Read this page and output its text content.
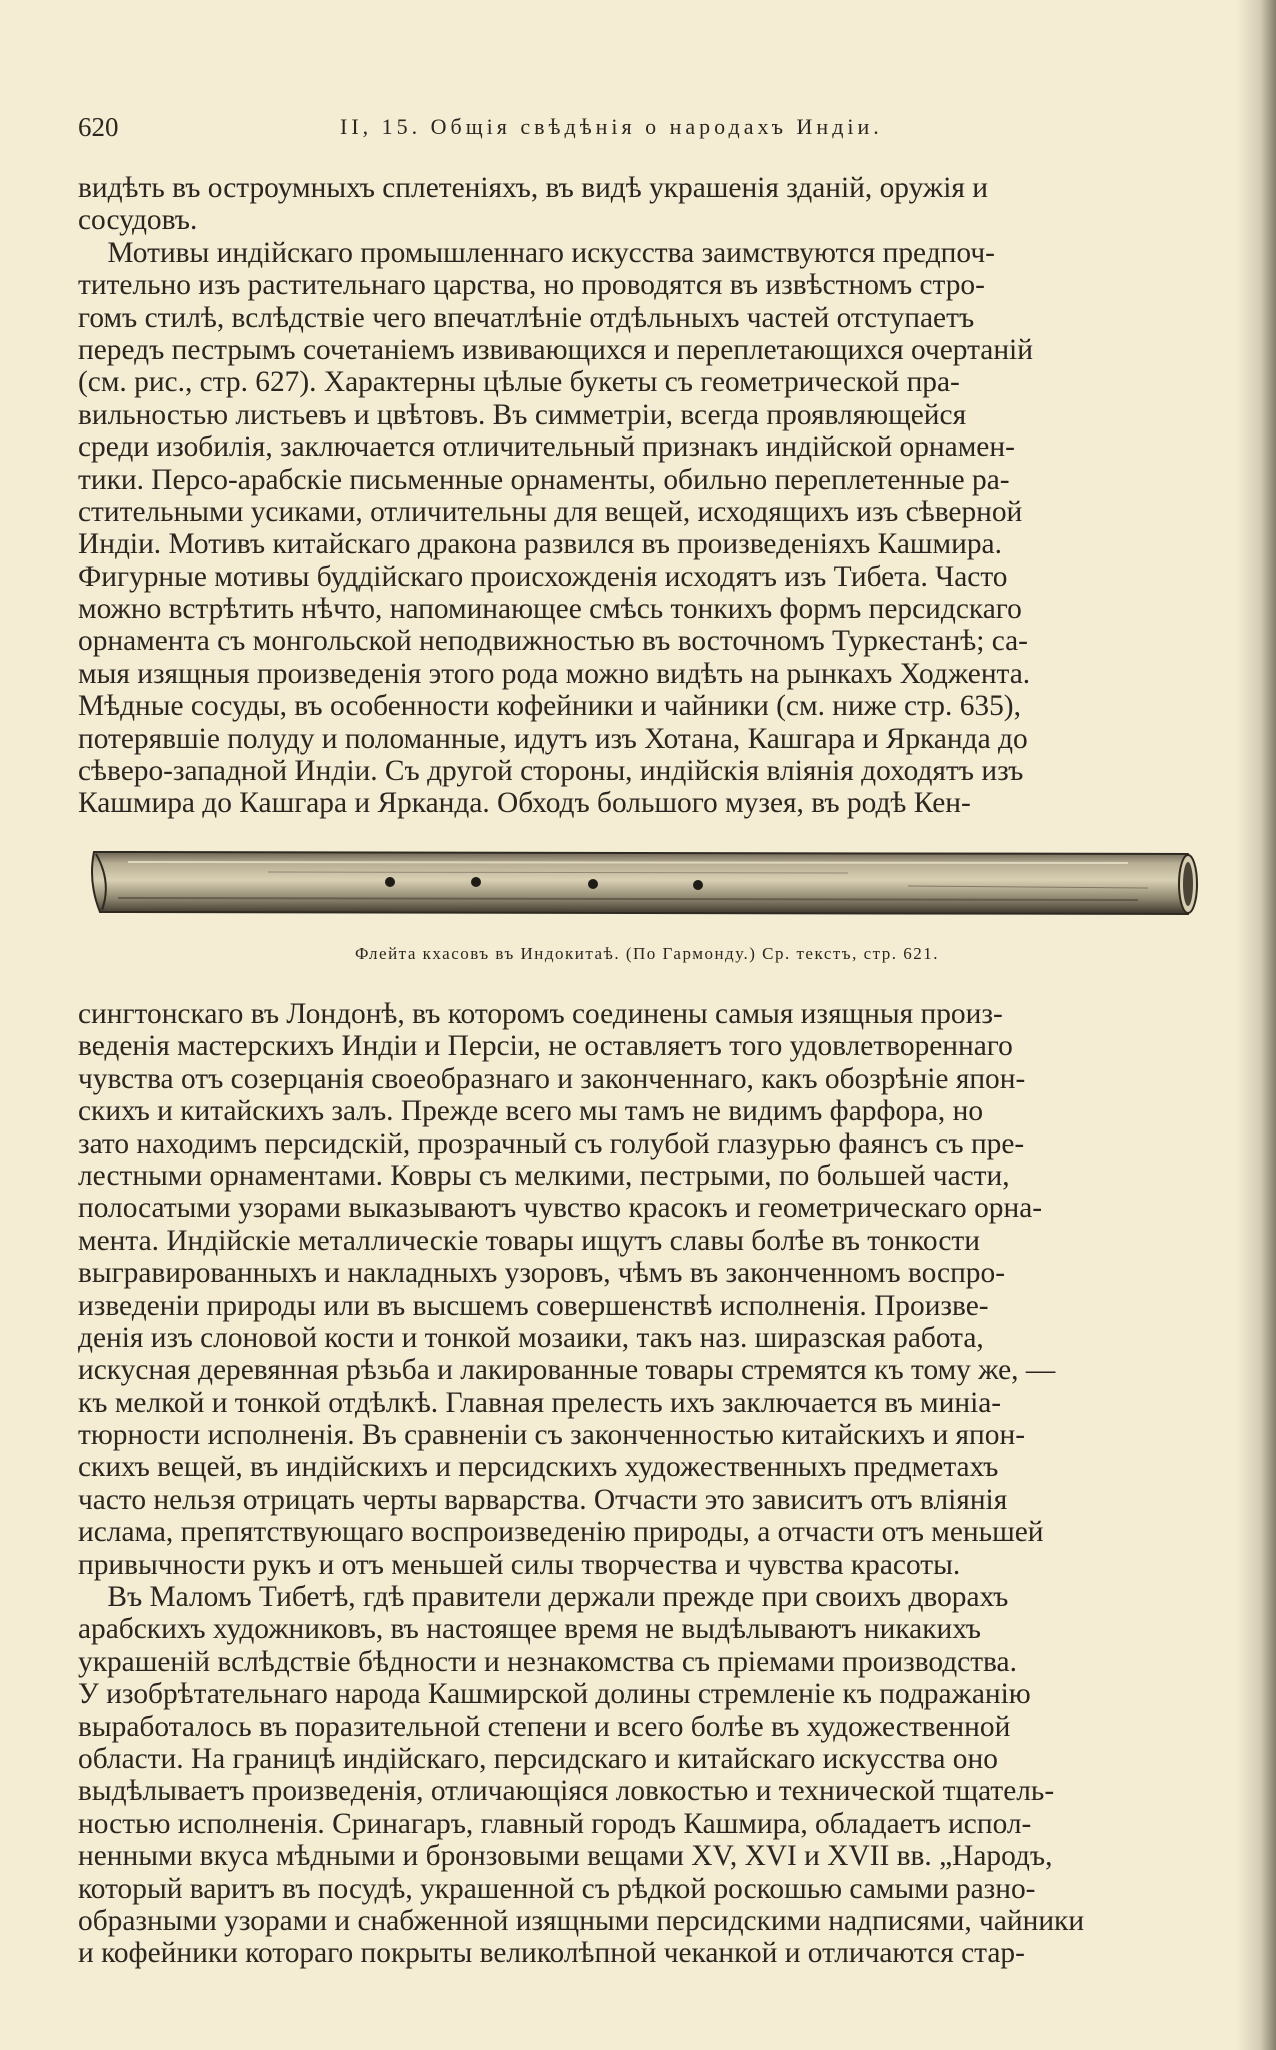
620	II, 15. Общія свѣдѣнія о народахъ Индіи.
видѣть въ остроумныхъ сплетеніяхъ, въ видѣ украшенія зданій, оружія и
сосудовъ.
Мотивы индійскаго промышленнаго искусства заимствуются предпоч-
тительно изъ растительнаго царства, но проводятся въ извѣстномъ стро-
гомъ стилѣ, вслѣдствіе чего впечатлѣніе отдѣльныхъ частей отступаетъ
передъ пестрымъ сочетаніемъ извивающихся и переплетающихся очертаній
(см. рис., стр. 627). Характерны цѣлые букеты съ геометрической пра-
вильностью листьевъ и цвѣтовъ. Въ симметріи, всегда проявляющейся
среди изобилія, заключается отличительный признакъ индійской орнамен-
тики. Персо-арабскіе письменные орнаменты, обильно переплетенные ра-
стительными усиками, отличительны для вещей, исходящихъ изъ сѣверной
Индіи. Мотивъ китайскаго дракона развился въ произведеніяхъ Кашмира.
Фигурные мотивы буддійскаго происхожденія исходятъ изъ Тибета. Часто
можно встрѣтить нѣчто, напоминающее смѣсь тонкихъ формъ персидскаго
орнамента съ монгольской неподвижностью въ восточномъ Туркестанѣ; са-
мыя изящныя произведенія этого рода можно видѣть на рынкахъ Ходжента.
Мѣдные сосуды, въ особенности кофейники и чайники (см. ниже стр. 635),
потерявшіе полуду и поломанные, идутъ изъ Хотана, Кашгара и Ярканда до
сѣверо-западной Индіи. Съ другой стороны, индійскія вліянія доходятъ изъ
Кашмира до Кашгара и Ярканда. Обходъ большого музея, въ родѣ Кен-
Флейта кхасовъ въ Индокитаѣ. (По Гармонду.) Ср. текстъ, стр. 621.
сингтонскаго въ Лондонѣ, въ которомъ соединены самыя изящныя произ-
веденія мастерскихъ Индіи и Персіи, не оставляетъ того удовлетвореннаго
чувства отъ созерцанія своеобразнаго и законченнаго, какъ обозрѣніе япон-
скихъ и китайскихъ залъ. Прежде всего мы тамъ не видимъ фарфора, но
зато находимъ персидскій, прозрачный съ голубой глазурью фаянсъ съ пре-
лестными орнаментами. Ковры съ мелкими, пестрыми, по большей части,
полосатыми узорами выказываютъ чувство красокъ и геометрическаго орна-
мента. Индійскіе металлическіе товары ищутъ славы болѣе въ тонкости
выгравированныхъ и накладныхъ узоровъ, чѣмъ въ законченномъ воспро-
изведеніи природы или въ высшемъ совершенствѣ исполненія. Произве-
денія изъ слоновой кости и тонкой мозаики, такъ наз. ширазская работа,
искусная деревянная рѣзьба и лакированные товары стремятся къ тому же, —
къ мелкой и тонкой отдѣлкѣ. Главная прелесть ихъ заключается въ миніа-
тюрности исполненія. Въ сравненіи съ законченностью китайскихъ и япон-
скихъ вещей, въ индійскихъ и персидскихъ художественныхъ предметахъ
часто нельзя отрицать черты варварства. Отчасти это зависитъ отъ вліянія
ислама, препятствующаго воспроизведенію природы, а отчасти отъ меньшей
привычности рукъ и отъ меньшей силы творчества и чувства красоты.
Въ Маломъ Тибетѣ, гдѣ правители держали прежде при своихъ дворахъ
арабскихъ художниковъ, въ настоящее время не выдѣлываютъ никакихъ
украшеній вслѣдствіе бѣдности и незнакомства съ пріемами производства.
У изобрѣтательнаго народа Кашмирской долины стремленіе къ подражанію
выработалось въ поразительной степени и всего болѣе въ художественной
области. На границѣ индійскаго, персидскаго и китайскаго искусства оно
выдѣлываетъ произведенія, отличающіяся ловкостью и технической тщатель-
ностью исполненія. Сринагаръ, главный городъ Кашмира, обладаетъ испол-
ненными вкуса мѣдными и бронзовыми вещами XV, XVI и XVII вв. „Народъ,
который варитъ въ посудѣ, украшенной съ рѣдкой роскошью самыми разно-
образными узорами и снабженной изящными персидскими надписями, чайники
и кофейники котораго покрыты великолѣпной чеканкой и отличаются стар-
